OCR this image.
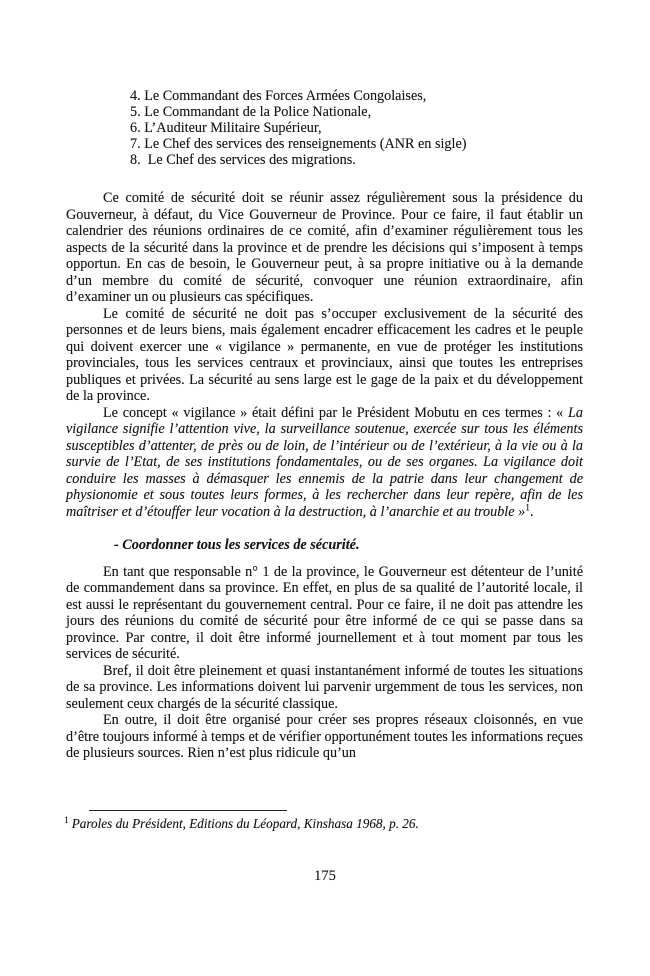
4. Le Commandant des Forces Armées Congolaises,
5. Le Commandant de la Police Nationale,
6. L’Auditeur Militaire Supérieur,
7. Le Chef des services des renseignements (ANR en sigle)
8.  Le Chef des services des migrations.

Ce comité de sécurité doit se réunir assez régulièrement sous la présidence du Gouverneur, à défaut, du Vice Gouverneur de Province. Pour ce faire, il faut établir un calendrier des réunions ordinaires de ce comité, afin d’examiner régulièrement tous les aspects de la sécurité dans la province et de prendre les décisions qui s’imposent à temps opportun. En cas de besoin, le Gouverneur peut, à sa propre initiative ou à la demande d’un membre du comité de sécurité, convoquer une réunion extraordinaire, afin d’examiner un ou plusieurs cas spécifiques.

Le comité de sécurité ne doit pas s’occuper exclusivement de la sécurité des personnes et de leurs biens, mais également encadrer efficacement les cadres et le peuple qui doivent exercer une « vigilance » permanente, en vue de protéger les institutions provinciales, tous les services centraux et provinciaux, ainsi que toutes les entreprises publiques et privées. La sécurité au sens large est le gage de la paix et du développement de la province.

Le concept « vigilance » était défini par le Président Mobutu en ces termes : « La vigilance signifie l’attention vive, la surveillance soutenue, exercée sur tous les éléments susceptibles d’attenter, de près ou de loin, de l’intérieur ou de l’extérieur, à la vie ou à la survie de l’Etat, de ses institutions fondamentales, ou de ses organes. La vigilance doit conduire les masses à démasquer les ennemis de la patrie dans leur changement de physionomie et sous toutes leurs formes, à les rechercher dans leur repère, afin de les maîtriser et d’étouffer leur vocation à la destruction, à l’anarchie et au trouble »$^1$.

- Coordonner tous les services de sécurité.

En tant que responsable n° 1 de la province, le Gouverneur est détenteur de l’unité de commandement dans sa province. En effet, en plus de sa qualité de l’autorité locale, il est aussi le représentant du gouvernement central. Pour ce faire, il ne doit pas attendre les jours des réunions du comité de sécurité pour être informé de ce qui se passe dans sa province. Par contre, il doit être informé journellement et à tout moment par tous les services de sécurité.

Bref, il doit être pleinement et quasi instantanément informé de toutes les situations de sa province. Les informations doivent lui parvenir urgemment de tous les services, non seulement ceux chargés de la sécurité classique.

En outre, il doit être organisé pour créer ses propres réseaux cloisonnés, en vue d’être toujours informé à temps et de vérifier opportunément toutes les informations reçues de plusieurs sources. Rien n’est plus ridicule qu’un

$^1$ Paroles du Président, Editions du Léopard, Kinshasa 1968, p. 26.

175
